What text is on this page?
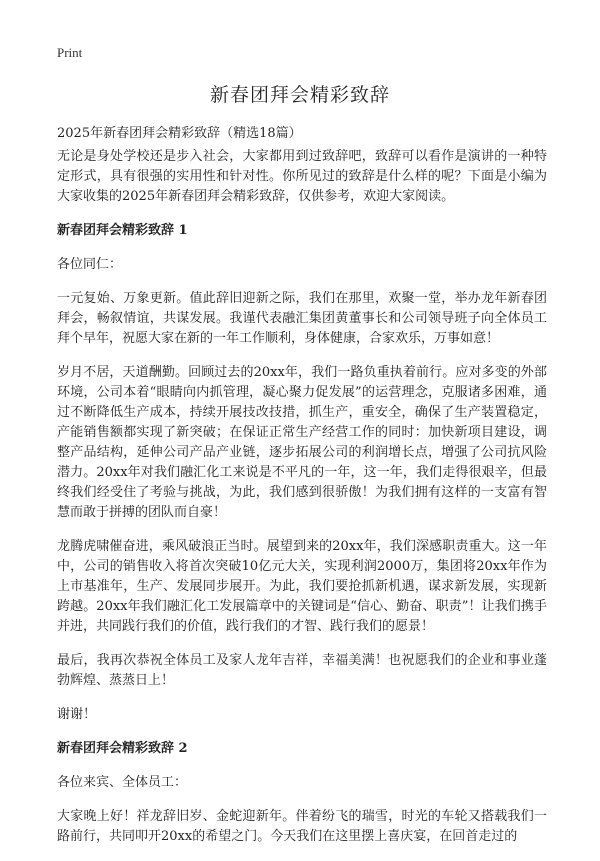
Print
新春团拜会精彩致辞

2025年新春团拜会精彩致辞（精选18篇）

无论是身处学校还是步入社会，大家都用到过致辞吧，致辞可以看作是演讲的一种特定形式，具有很强的实用性和针对性。你所见过的致辞是什么样的呢？下面是小编为大家收集的2025年新春团拜会精彩致辞，仅供参考，欢迎大家阅读。

新春团拜会精彩致辞 1

各位同仁：

一元复始、万象更新。值此辞旧迎新之际，我们在那里，欢聚一堂，举办龙年新春团拜会，畅叙情谊，共谋发展。我谨代表融汇集团黄董事长和公司领导班子向全体员工拜个早年，祝愿大家在新的一年工作顺利，身体健康，合家欢乐，万事如意！

岁月不居，天道酬勤。回顾过去的20xx年，我们一路负重执着前行。应对多变的外部环境，公司本着“眼睛向内抓管理，凝心聚力促发展”的运营理念，克服诸多困难，通过不断降低生产成本，持续开展技改技措，抓生产，重安全，确保了生产装置稳定，产能销售额都实现了新突破；在保证正常生产经营工作的同时：加快新项目建设，调整产品结构，延伸公司产品产业链，逐步拓展公司的利润增长点，增强了公司抗风险潜力。20xx年对我们融汇化工来说是不平凡的一年，这一年，我们走得很艰辛，但最终我们经受住了考验与挑战，为此，我们感到很骄傲！为我们拥有这样的一支富有智慧而敢于拼搏的团队而自豪！

龙腾虎啸催奋进，乘风破浪正当时。展望到来的20xx年，我们深感职责重大。这一年中，公司的销售收入将首次突破10亿元大关，实现利润2000万，集团将20xx年作为上市基准年，生产、发展同步展开。为此，我们要抢抓新机遇，谋求新发展，实现新跨越。20xx年我们融汇化工发展篇章中的关键词是“信心、勤奋、职责”！让我们携手并进，共同践行我们的价值，践行我们的才智、践行我们的愿景！

最后，我再次恭祝全体员工及家人龙年吉祥，幸福美满！也祝愿我们的企业和事业蓬勃辉煌、蒸蒸日上！

谢谢！

新春团拜会精彩致辞 2

各位来宾、全体员工：

大家晚上好！祥龙辞旧岁、金蛇迎新年。伴着纷飞的瑞雪，时光的车轮又搭载我们一路前行，共同叩开20xx的希望之门。今天我们在这里摆上喜庆宴，在回首走过的
